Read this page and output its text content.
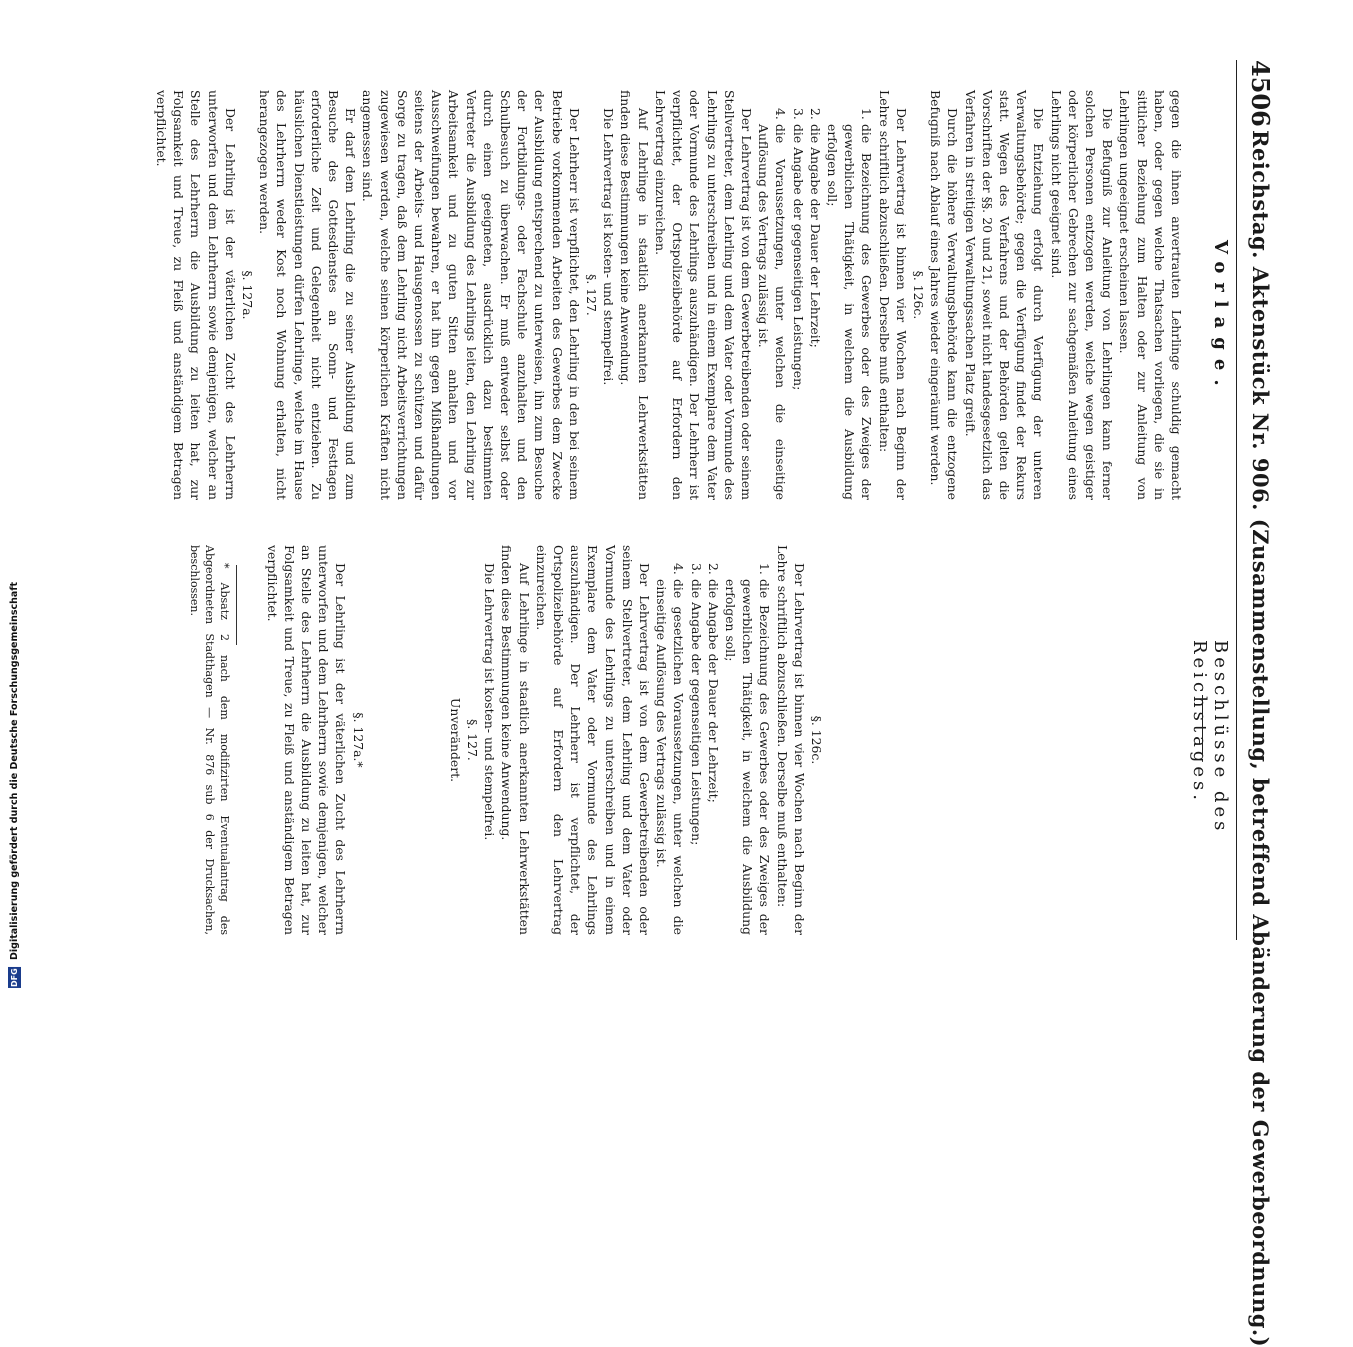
4506
Reichstag. Aktenstück Nr. 906. (Zusammenstellung, betreffend Abänderung der Gewerbeordnung.)
Vorlage.
Beschlüsse des Reichstages.

gegen die ihnen anvertrauten Lehrlinge schuldig gemacht haben, oder gegen welche Thatsachen vorliegen, die sie in sittlicher Beziehung zum Halten oder zur Anleitung von Lehrlingen ungeeignet erscheinen lassen.

Die Befugniß zur Anleitung von Lehrlingen kann ferner solchen Personen entzogen werden, welche wegen geistiger oder körperlicher Gebrechen zur sachgemäßen Anleitung eines Lehrlings nicht geeignet sind.

Die Entziehung erfolgt durch Verfügung der unteren Verwaltungsbehörde; gegen die Verfügung findet der Rekurs statt. Wegen des Verfahrens und der Behörden gelten die Vorschriften der §§. 20 und 21, soweit nicht landesgesetzlich das Verfahren in streitigen Verwaltungssachen Platz greift.

Durch die höhere Verwaltungsbehörde kann die entzogene Befugniß nach Ablauf eines Jahres wieder eingeräumt werden.

§. 126c.

Der Lehrvertrag ist binnen vier Wochen nach Beginn der Lehre schriftlich abzuschließen. Derselbe muß enthalten:

1.
die Bezeichnung des Gewerbes oder des Zweiges der gewerblichen Thätigkeit, in welchem die Ausbildung erfolgen soll;
2.
die Angabe der Dauer der Lehrzeit;
3.
die Angabe der gegenseitigen Leistungen;
4.
die Voraussetzungen, unter welchen die einseitige Auflösung des Vertrags zulässig ist.

Der Lehrvertrag ist von dem Gewerbetreibenden oder seinem Stellvertreter, dem Lehrling und dem Vater oder Vormunde des Lehrlings zu unterschreiben und in einem Exemplare dem Vater oder Vormunde des Lehrlings auszuhändigen. Der Lehrherr ist verpflichtet, der Ortspolizeibehörde auf Erfordern den Lehrvertrag einzureichen.

Auf Lehrlinge in staatlich anerkannten Lehrwerkstätten finden diese Bestimmungen keine Anwendung.

Die Lehrvertrag ist kosten- und stempelfrei.

§. 127.

Der Lehrherr ist verpflichtet, den Lehrling in den bei seinem Betriebe vorkommenden Arbeiten des Gewerbes dem Zwecke der Ausbildung entsprechend zu unterweisen, ihn zum Besuche der Fortbildungs- oder Fachschule anzuhalten und den Schulbesuch zu überwachen. Er muß entweder selbst oder durch einen geeigneten, ausdrücklich dazu bestimmten Vertreter die Ausbildung des Lehrlings leiten, den Lehrling zur Arbeitsamkeit und zu guten Sitten anhalten und vor Ausschweifungen bewahren, er hat ihn gegen Mißhandlungen seitens der Arbeits- und Hausgenossen zu schützen und dafür Sorge zu tragen, daß dem Lehrling nicht Arbeitsverrichtungen zugewiesen werden, welche seinen körperlichen Kräften nicht angemessen sind.

Er darf dem Lehrling die zu seiner Ausbildung und zum Besuche des Gottesdienstes an Sonn- und Festtagen erforderliche Zeit und Gelegenheit nicht entziehen. Zu häuslichen Dienstleistungen dürfen Lehrlinge, welche im Hause des Lehrherrn weder Kost noch Wohnung erhalten, nicht herangezogen werden.

§. 127a.

Der Lehrling ist der väterlichen Zucht des Lehrherrn unterworfen und dem Lehrherrn sowie demjenigen, welcher an Stelle des Lehrherrn die Ausbildung zu leiten hat, zur Folgsamkeit und Treue, zu Fleiß und anständigem Betragen verpflichtet.

§. 126c.

Der Lehrvertrag ist binnen vier Wochen nach Beginn der Lehre schriftlich abzuschließen. Derselbe muß enthalten:

1.
die Bezeichnung des Gewerbes oder des Zweiges der gewerblichen Thätigkeit, in welchem die Ausbildung erfolgen soll;
2.
die Angabe der Dauer der Lehrzeit;
3.
die Angabe der gegenseitigen Leistungen;
4.
die gesetzlichen Voraussetzungen, unter welchen die einseitige Auflösung des Vertrags zulässig ist.

Der Lehrvertrag ist von dem Gewerbetreibenden oder seinem Stellvertreter, dem Lehrling und dem Vater oder Vormunde des Lehrlings zu unterschreiben und in einem Exemplare dem Vater oder Vormunde des Lehrlings auszuhändigen. Der Lehrherr ist verpflichtet, der Ortspolizeibehörde auf Erfordern den Lehrvertrag einzureichen.

Auf Lehrlinge in staatlich anerkannten Lehrwerkstätten finden diese Bestimmungen keine Anwendung.

Die Lehrvertrag ist kosten- und stempelfrei.

§. 127.

Unverändert.

§. 127a.*

Der Lehrling ist der väterlichen Zucht des Lehrherrn unterworfen und dem Lehrherrn sowie demjenigen, welcher an Stelle des Lehrherrn die Ausbildung zu leiten hat, zur Folgsamkeit und Treue, zu Fleiß und anständigem Betragen verpflichtet.

* Absatz 2 nach dem modifizirten Eventualantrag des Abgeordneten Stadthagen — Nr. 876 sub 6 der Drucksachen, beschlossen.

DFG Digitalisierung gefördert durch die Deutsche Forschungsgemeinschaft
